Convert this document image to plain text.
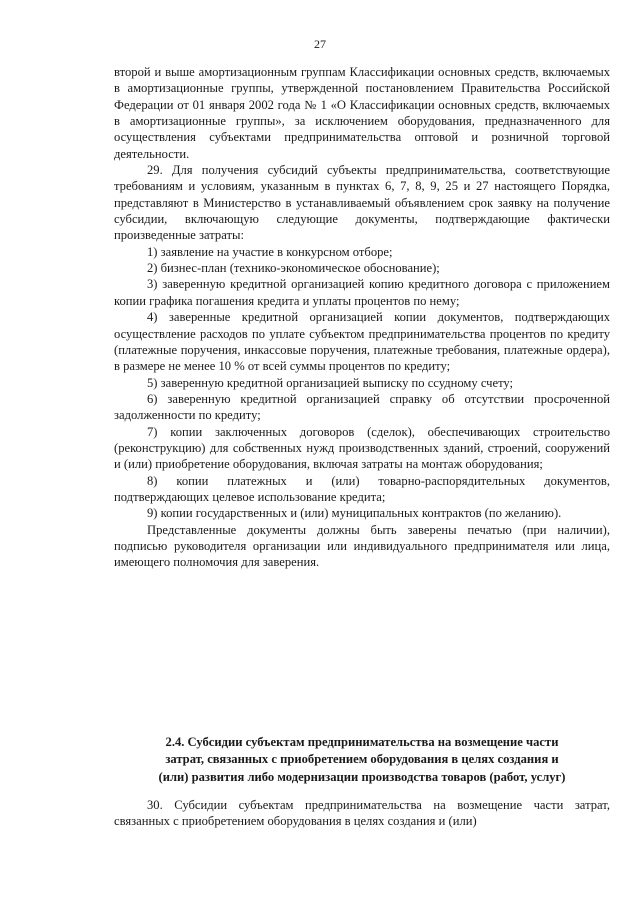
27

второй и выше амортизационным группам Классификации основных средств, включаемых в амортизационные группы, утвержденной постановлением Правительства Российской Федерации от 01 января 2002 года № 1 «О Классификации основных средств, включаемых в амортизационные группы», за исключением оборудования, предназначенного для осуществления субъектами предпринимательства оптовой и розничной торговой деятельности.

29. Для получения субсидий субъекты предпринимательства, соответствующие требованиям и условиям, указанным в пунктах 6, 7, 8, 9, 25 и 27 настоящего Порядка, представляют в Министерство в устанавливаемый объявлением срок заявку на получение субсидии, включающую следующие документы, подтверждающие фактически произведенные затраты:

1) заявление на участие в конкурсном отборе;

2) бизнес-план (технико-экономическое обоснование);

3) заверенную кредитной организацией копию кредитного договора с приложением копии графика погашения кредита и уплаты процентов по нему;

4) заверенные кредитной организацией копии документов, подтверждающих осуществление расходов по уплате субъектом предпринимательства процентов по кредиту (платежные поручения, инкассовые поручения, платежные требования, платежные ордера), в размере не менее 10 % от всей суммы процентов по кредиту;

5) заверенную кредитной организацией выписку по ссудному счету;

6) заверенную кредитной организацией справку об отсутствии просроченной задолженности по кредиту;

7) копии заключенных договоров (сделок), обеспечивающих строительство (реконструкцию) для собственных нужд производственных зданий, строений, сооружений и (или) приобретение оборудования, включая затраты на монтаж оборудования;

8) копии платежных и (или) товарно-распорядительных документов, подтверждающих целевое использование кредита;

9) копии государственных и (или) муниципальных контрактов (по желанию).

Представленные документы должны быть заверены печатью (при наличии), подписью руководителя организации или индивидуального предпринимателя или лица, имеющего полномочия для заверения.

2.4. Субсидии субъектам предпринимательства на возмещение части
затрат, связанных с приобретением оборудования в целях создания и
(или) развития либо модернизации производства товаров (работ, услуг)

30. Субсидии субъектам предпринимательства на возмещение части затрат, связанных с приобретением оборудования в целях создания и (или)
